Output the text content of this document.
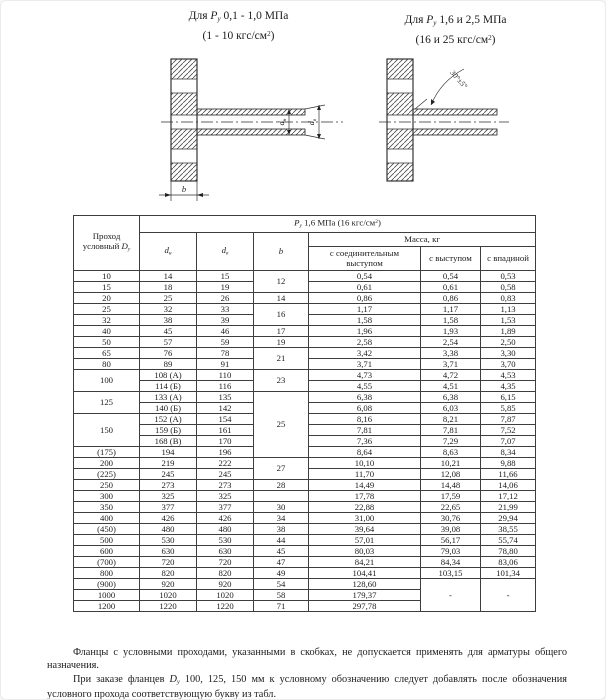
Для $Р_у$ 0,1 - 1,0 МПа
(1 - 10 кгс/$см^2$)
Для $Р_у$ 1,6 и 2,5 МПа
(16 и 25 кгс/$см^2$)
$d_н$
$d_в$
b
30°±5°
Проход
условный $D_у$	$Р_у$ 1,6 МПа (16 кгс/$см^2$)					
	$d_н$	$d_в$	b	Масса, кг		
				с соединительным выступом	с выступом	с впадиной
10	14	15	12	0,54	0,54	0,53
15	18	19		0,61	0,61	0,58
20	25	26	14	0,86	0,86	0,83
25	32	33	16	1,17	1,17	1,13
32	38	39		1,58	1,58	1,53
40	45	46	17	1,96	1,93	1,89
50	57	59	19	2,58	2,54	2,50
65	76	78	21	3,42	3,38	3,30
80	89	91		3,71	3,71	3,70
100	108 (А)	110	23	4,73	4,72	4,53
	114 (Б)	116		4,55	4,51	4,35
125	133 (А)	135	25	6,38	6,38	6,15
	140 (Б)	142		6,08	6,03	5,85
150	152 (А)	154		8,16	8,21	7,87
	159 (Б)	161		7,81	7,81	7,52
	168 (В)	170		7,36	7,29	7,07
(175)	194	196		8,64	8,63	8,34
200	219	222	27	10,10	10,21	9,88
(225)	245	245		11,70	12,08	11,66
250	273	273	28	14,49	14,48	14,06
300	325	325		17,78	17,59	17,12
350	377	377	30	22,88	22,65	21,99
400	426	426	34	31,00	30,76	29,94
(450)	480	480	38	39,64	39,08	38,55
500	530	530	44	57,01	56,17	55,74
600	630	630	45	80,03	79,03	78,80
(700)	720	720	47	84,21	84,34	83,06
800	820	820	49	104,41	103,15	101,34
(900)	920	920	54	128,60	-	-
1000	1020	1020	58	179,37		
1200	1220	1220	71	297,78		

Фланцы с условными проходами, указанными в скобках, не допускается применять для арматуры общего назначения.

При заказе фланцев $D_у$ 100, 125, 150 мм к условному обозначению следует добавлять после обозначения условного прохода соответствующую букву из табл.
